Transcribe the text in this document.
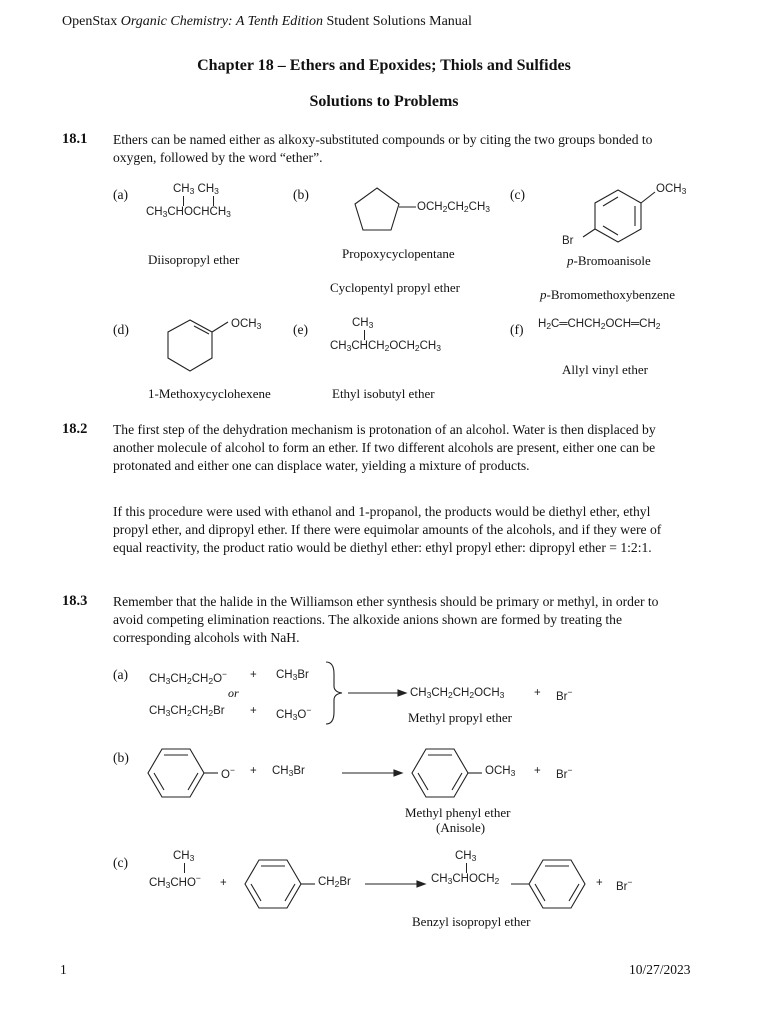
OpenStax Organic Chemistry: A Tenth Edition Student Solutions Manual
Chapter 18 – Ethers and Epoxides; Thiols and Sulfides
Solutions to Problems
18.1 Ethers can be named either as alkoxy-substituted compounds or by citing the two groups bonded to oxygen, followed by the word “ether”.
(a)	$CH_3$ $CH_3$
$CH_3CHOCHCH_3$
Diisopropyl ether
(b)
$OCH_2CH_2CH_3$
Propoxycyclopentane
Cyclopentyl propyl ether
(c)	$OCH_3$
Br
p-Bromoanisole
p-Bromomethoxybenzene
(d)	$OCH_3$
1-Methoxycyclohexene
(e)	$CH_3$
$CH_3CHCH_2OCH_2CH_3$
Ethyl isobutyl ether
(f) $H_2C═CHCH_2OCH═CH_2$
Allyl vinyl ether
18.2 The first step of the dehydration mechanism is protonation of an alcohol. Water is then displaced by another molecule of alcohol to form an ether. If two different alcohols are present, either one can be protonated and either one can displace water, yielding a mixture of products.
If this procedure were used with ethanol and 1-propanol, the products would be diethyl ether, ethyl propyl ether, and dipropyl ether. If there were equimolar amounts of the alcohols, and if they were of equal reactivity, the product ratio would be diethyl ether: ethyl propyl ether: dipropyl ether = 1:2:1.
18.3 Remember that the halide in the Williamson ether synthesis should be primary or methyl, in order to avoid competing elimination reactions. The alkoxide anions shown are formed by treating the corresponding alcohols with NaH.
(a) $CH_3CH_2CH_2O^- + CH_3Br$
or
$CH_3CH_2CH_2Br + CH_3O^-$
$CH_3CH_2CH_2OCH_3$	+ Br−
Methyl propyl ether
(b)
$O^- + CH_3Br$	$OCH_3 + Br^-$
Methyl phenyl ether
(Anisole)
(c)	$CH_3$
$CH_3CHO^-$ +	$CH_2Br$
$CH_3$
$CH_3CHOCH_2$	+ Br−
Benzyl isopropyl ether
1	10/27/2023
